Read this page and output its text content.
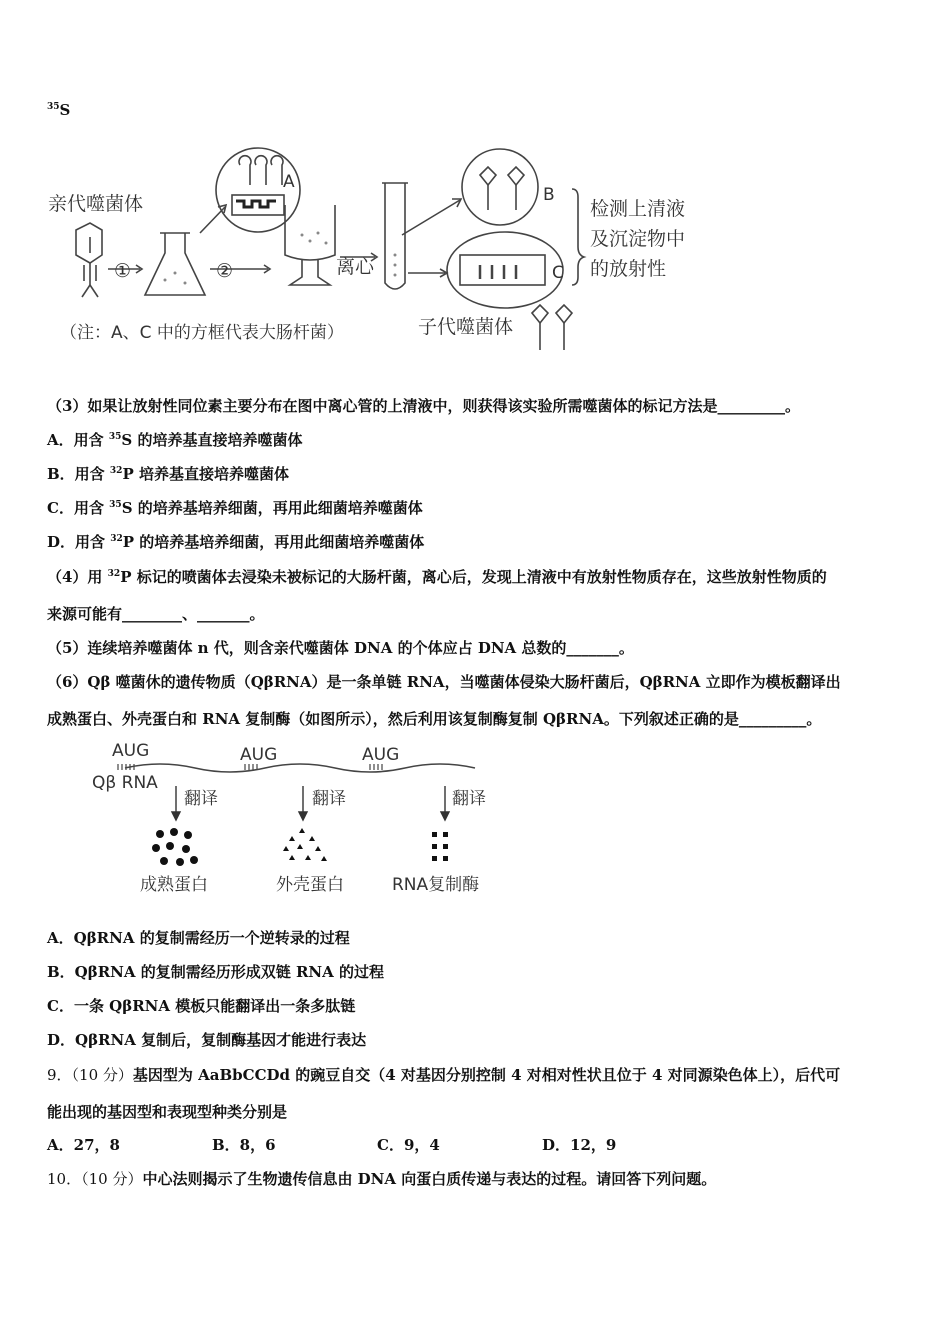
$^{35}$S
亲代噬菌体
①	②
A
离心
B
C
检测上清液
及沉淀物中
的放射性
（注：A、C 中的方框代表大肠杆菌）	子代噬菌体
（3）如果让放射性同位素主要分布在图中离心管的上清液中，则获得该实验所需噬菌体的标记方法是_________。
A．用含 $^{35}$S 的培养基直接培养噬菌体
B．用含 $^{32}$P 培养基直接培养噬菌体
C．用含 $^{35}$S 的培养基培养细菌，再用此细菌培养噬菌体
D．用含 $^{32}$P 的培养基培养细菌，再用此细菌培养噬菌体
（4）用 $^{32}$P 标记的喷菌体去浸染未被标记的大肠杆菌，离心后，发现上清液中有放射性物质存在，这些放射性物质的
来源可能有________、_______。
（5）连续培养噬菌体 n 代，则含亲代噬菌体 DNA 的个体应占 DNA 总数的_______。
（6）Qβ 噬菌休的遗传物质（QβRNA）是一条单链 RNA，当噬菌体侵染大肠杆菌后，QβRNA 立即作为模板翻译出
成熟蛋白、外壳蛋白和 RNA 复制酶（如图所示），然后利用该复制酶复制 QβRNA。下列叙述正确的是_________。
AUG	AUG	AUG
Qβ RNA
翻译	翻译	翻译
成熟蛋白	外壳蛋白	RNA复制酶
A．QβRNA 的复制需经历一个逆转录的过程
B．QβRNA 的复制需经历形成双链 RNA 的过程
C．一条 QβRNA 模板只能翻译出一条多肽链
D．QβRNA 复制后，复制酶基因才能进行表达
9．（10 分）基因型为 AaBbCCDd 的豌豆自交（4 对基因分别控制 4 对相对性状且位于 4 对同源染色体上），后代可
能出现的基因型和表现型种类分别是
A．27，8	B．8，6	C．9，4	D．12，9
10．（10 分）中心法则揭示了生物遗传信息由 DNA 向蛋白质传递与表达的过程。请回答下列问题。
